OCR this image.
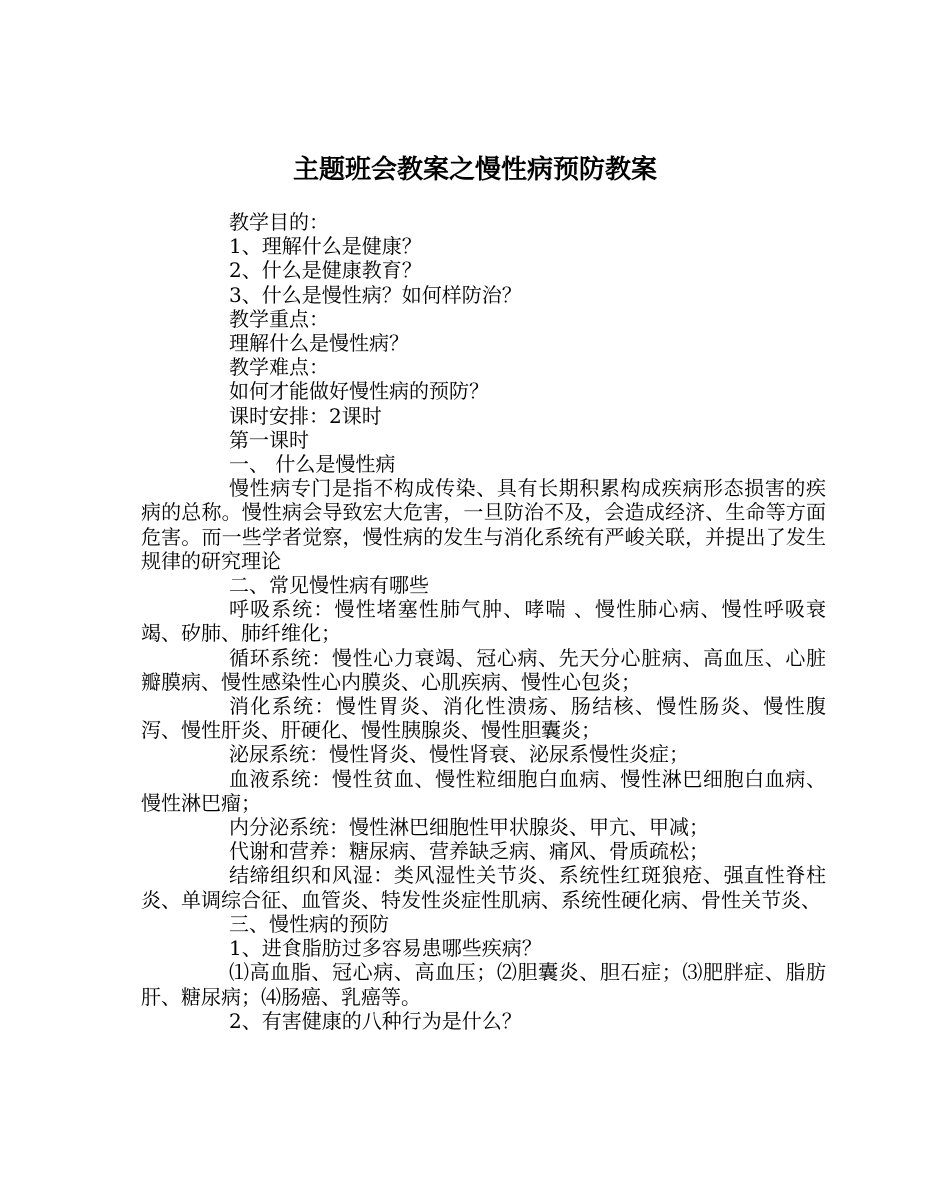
主题班会教案之慢性病预防教案

教学目的：

1、理解什么是健康？

2、什么是健康教育？

3、什么是慢性病？如何样防治？

教学重点：

理解什么是慢性病？

教学难点：

如何才能做好慢性病的预防？

课时安排：2课时

第一课时

一、 什么是慢性病

慢性病专门是指不构成传染、具有长期积累构成疾病形态损害的疾病的总称。慢性病会导致宏大危害，一旦防治不及，会造成经济、生命等方面危害。而一些学者觉察，慢性病的发生与消化系统有严峻关联，并提出了发生规律的研究理论

二、常见慢性病有哪些

呼吸系统：慢性堵塞性肺气肿、哮喘 、慢性肺心病、慢性呼吸衰竭、矽肺、肺纤维化；

循环系统：慢性心力衰竭、冠心病、先天分心脏病、高血压、心脏瓣膜病、慢性感染性心内膜炎、心肌疾病、慢性心包炎；

消化系统：慢性胃炎、消化性溃疡、肠结核、慢性肠炎、慢性腹泻、慢性肝炎、肝硬化、慢性胰腺炎、慢性胆囊炎；

泌尿系统：慢性肾炎、慢性肾衰、泌尿系慢性炎症；

血液系统：慢性贫血、慢性粒细胞白血病、慢性淋巴细胞白血病、慢性淋巴瘤；

内分泌系统：慢性淋巴细胞性甲状腺炎、甲亢、甲减；

代谢和营养：糖尿病、营养缺乏病、痛风、骨质疏松；

结缔组织和风湿：类风湿性关节炎、系统性红斑狼疮、强直性脊柱炎、单调综合征、血管炎、特发性炎症性肌病、系统性硬化病、骨性关节炎、

三、慢性病的预防

1、进食脂肪过多容易患哪些疾病？

⑴高血脂、冠心病、高血压；⑵胆囊炎、胆石症；⑶肥胖症、脂肪肝、糖尿病；⑷肠癌、乳癌等。

2、有害健康的八种行为是什么？
